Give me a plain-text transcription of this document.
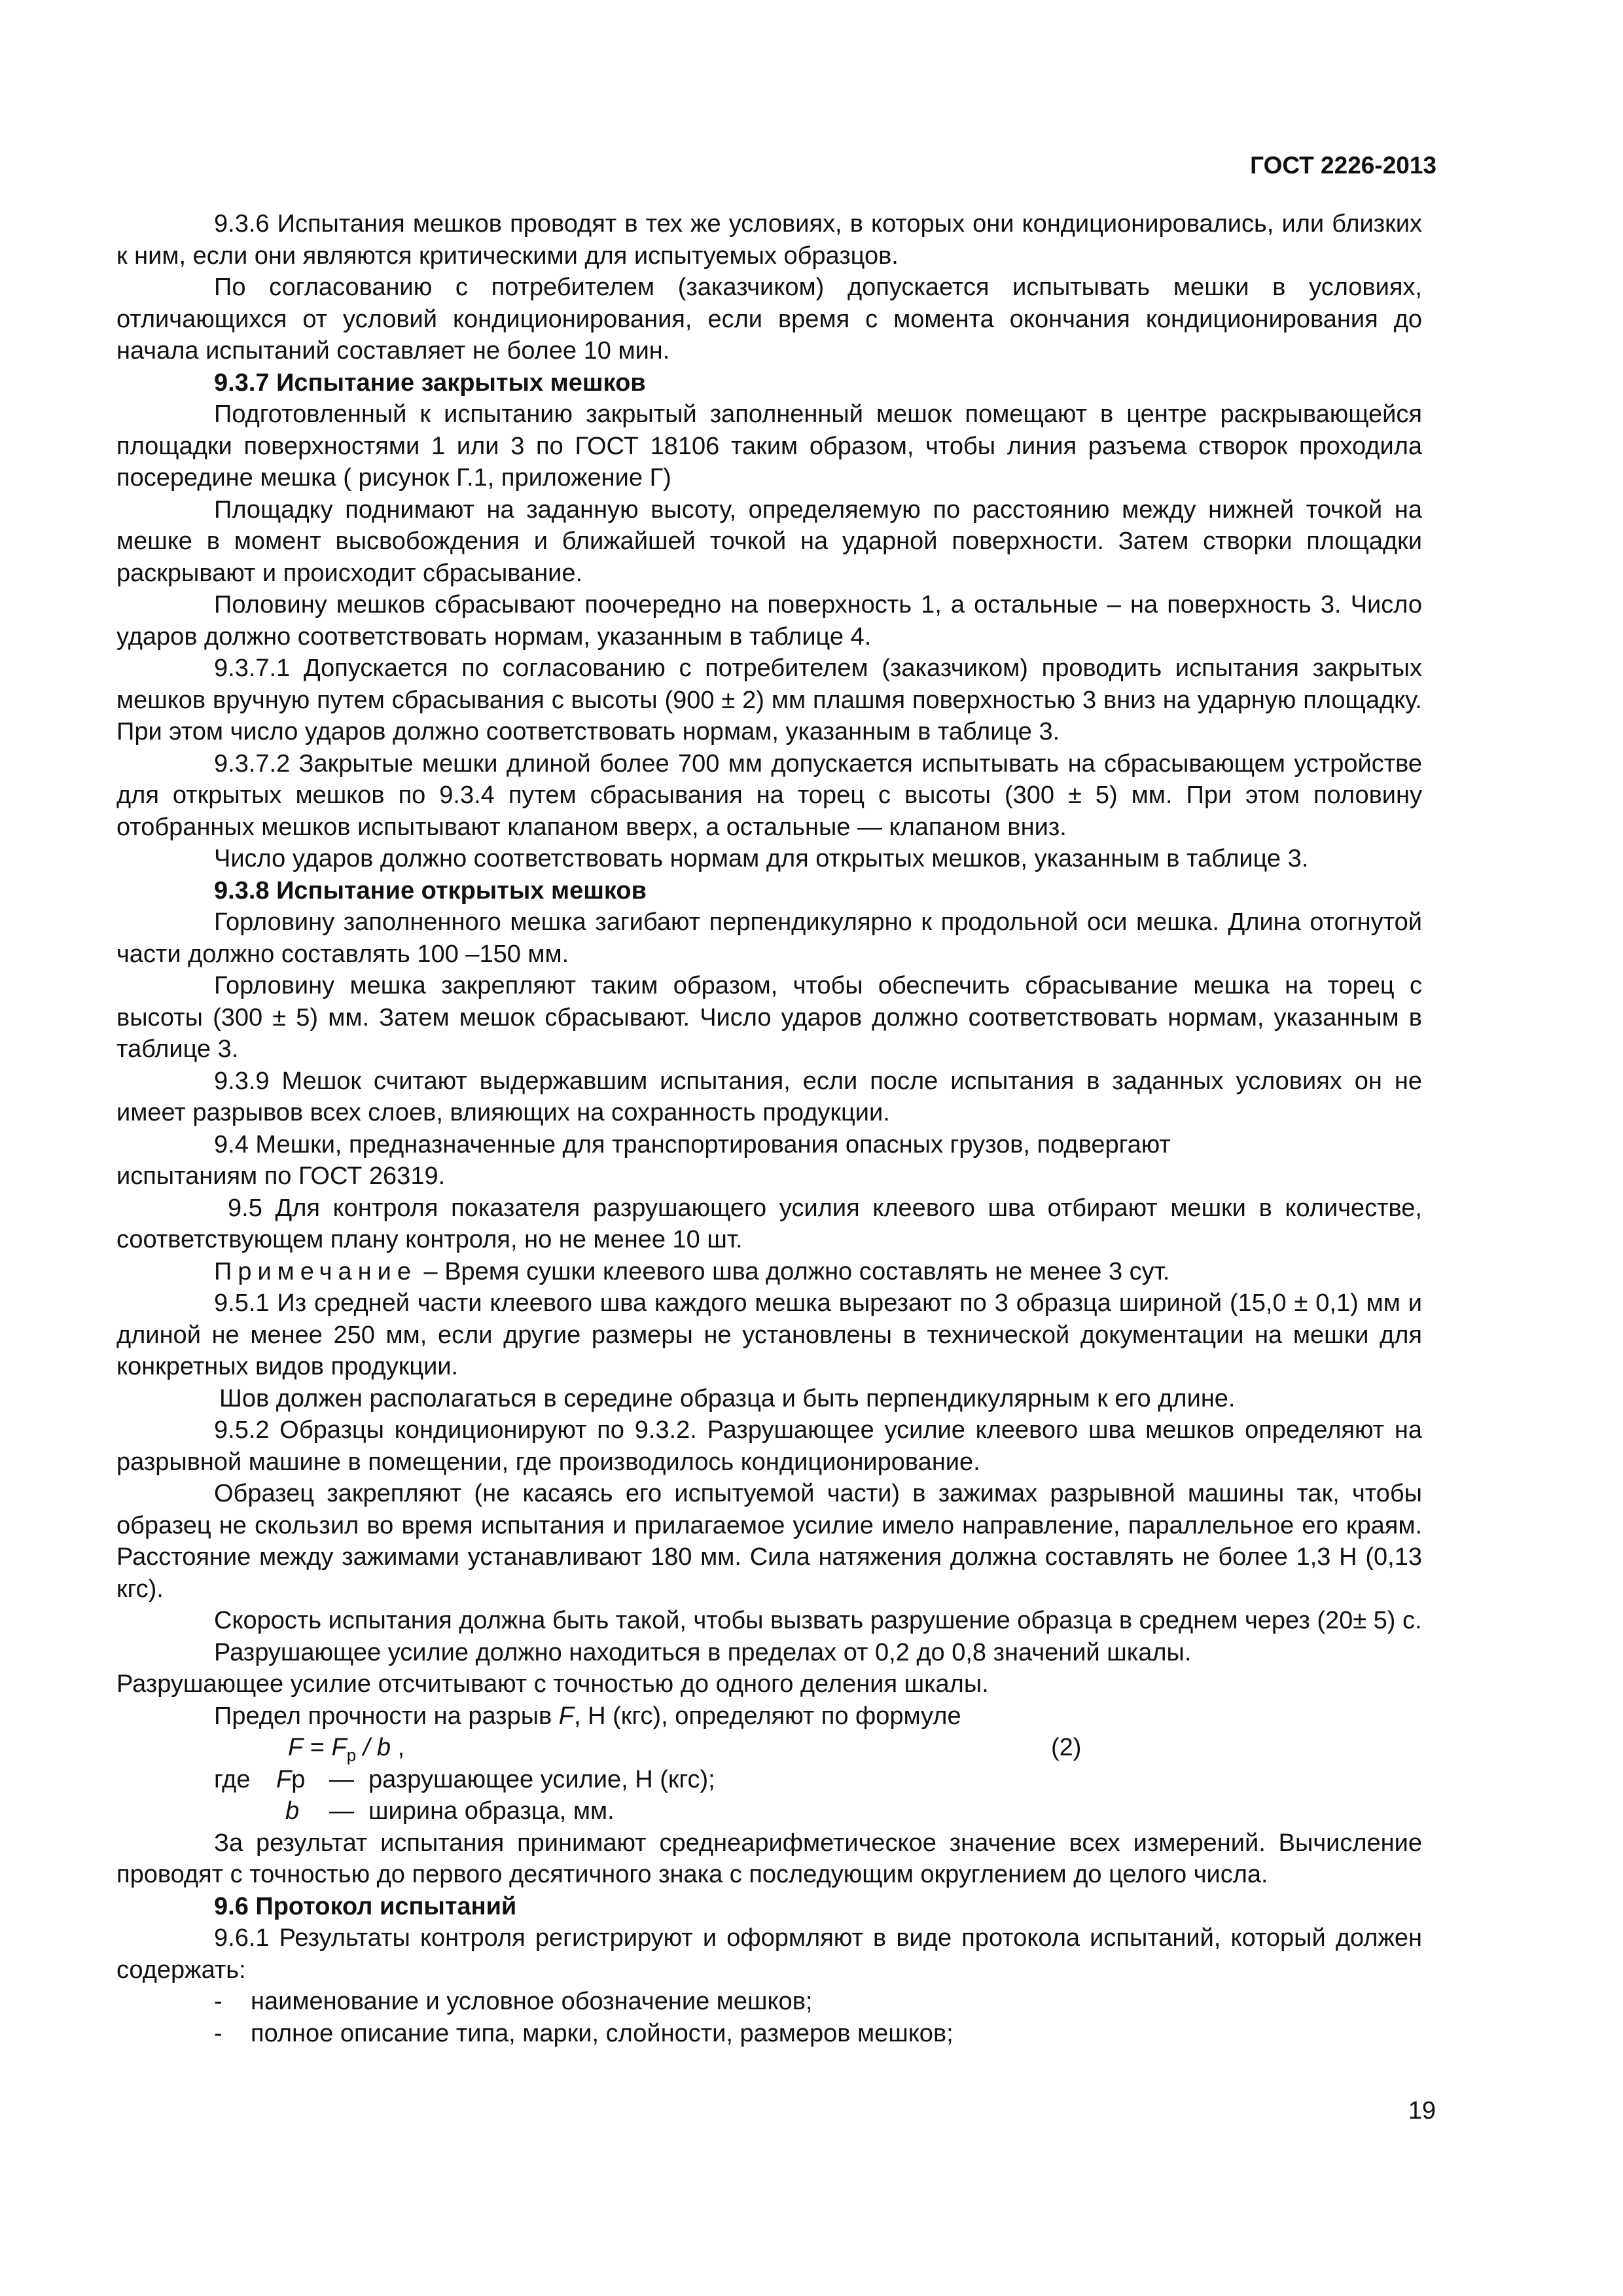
ГОСТ 2226-2013

9.3.6 Испытания мешков проводят в тех же условиях, в которых они кондиционировались, или близких к ним, если они являются критическими для испытуемых образцов.

По согласованию с потребителем (заказчиком) допускается испытывать мешки в условиях, отличающихся от условий кондиционирования, если время с момента окончания кондиционирования до начала испытаний составляет не более 10 мин.

9.3.7 Испытание закрытых мешков

Подготовленный к испытанию закрытый заполненный мешок помещают в центре раскрывающейся площадки поверхностями 1 или 3 по ГОСТ 18106 таким образом, чтобы линия разъема створок проходила посередине мешка ( рисунок Г.1, приложение Г)

Площадку поднимают на заданную высоту, определяемую по расстоянию между нижней точкой на мешке в момент высвобождения и ближайшей точкой на ударной поверхности. Затем створки площадки раскрывают и происходит сбрасывание.

Половину мешков сбрасывают поочередно на поверхность 1, а остальные – на поверхность 3. Число ударов должно соответствовать нормам, указанным в таблице 4.

9.3.7.1 Допускается по согласованию с потребителем (заказчиком) проводить испытания закрытых мешков вручную путем сбрасывания с высоты (900 ± 2) мм плашмя поверхностью 3 вниз на ударную площадку. При этом число ударов должно соответствовать нормам, указанным в таблице 3.

9.3.7.2 Закрытые мешки длиной более 700 мм допускается испытывать на сбрасывающем устройстве для открытых мешков по 9.3.4 путем сбрасывания на торец с высоты (300 ± 5) мм. При этом половину отобранных мешков испытывают клапаном вверх, а остальные — клапаном вниз.

Число ударов должно соответствовать нормам для открытых мешков, указанным в таблице 3.

9.3.8 Испытание открытых мешков

Горловину заполненного мешка загибают перпендикулярно к продольной оси мешка. Длина отогнутой части должно составлять 100 –150 мм.

Горловину мешка закрепляют таким образом, чтобы обеспечить сбрасывание мешка на торец с высоты (300 ± 5) мм. Затем мешок сбрасывают. Число ударов должно соответствовать нормам, указанным в таблице 3.

9.3.9 Мешок считают выдержавшим испытания, если после испытания в заданных условиях он не имеет разрывов всех слоев, влияющих на сохранность продукции.

9.4 Мешки, предназначенные для транспортирования опасных грузов, подвергают

испытаниям по ГОСТ 26319.

9.5 Для контроля показателя разрушающего усилия клеевого шва отбирают мешки в количестве, соответствующем плану контроля, но не менее 10 шт.

Примечание – Время сушки клеевого шва должно составлять не менее 3 сут.

9.5.1 Из средней части клеевого шва каждого мешка вырезают по 3 образца шириной (15,0 ± 0,1) мм и длиной не менее 250 мм, если другие размеры не установлены в технической документации на мешки для конкретных видов продукции.

Шов должен располагаться в середине образца и быть перпендикулярным к его длине.

9.5.2 Образцы кондиционируют по 9.3.2. Разрушающее усилие клеевого шва мешков определяют на разрывной машине в помещении, где производилось кондиционирование.

Образец закрепляют (не касаясь его испытуемой части) в зажимах разрывной машины так, чтобы образец не скользил во время испытания и прилагаемое усилие имело направление, параллельное его краям. Расстояние между зажимами устанавливают 180 мм. Сила натяжения должна составлять не более 1,3 Н (0,13 кгс).

Скорость испытания должна быть такой, чтобы вызвать разрушение образца в среднем через (20± 5) с.

Разрушающее усилие должно находиться в пределах от 0,2 до 0,8 значений шкалы.

Разрушающее усилие отсчитывают с точностью до одного деления шкалы.

Предел прочности на разрыв F, Н (кгс), определяют по формуле

$F = F_p / b$ ,	(2)
где Fр — разрушающее усилие, Н (кгс);
b — ширина образца, мм.

За результат испытания принимают среднеарифметическое значение всех измерений. Вычисление проводят с точностью до первого десятичного знака с последующим округлением до целого числа.

9.6 Протокол испытаний

9.6.1 Результаты контроля регистрируют и оформляют в виде протокола испытаний, который должен содержать:

- наименование и условное обозначение мешков;
- полное описание типа, марки, слойности, размеров мешков;
19
